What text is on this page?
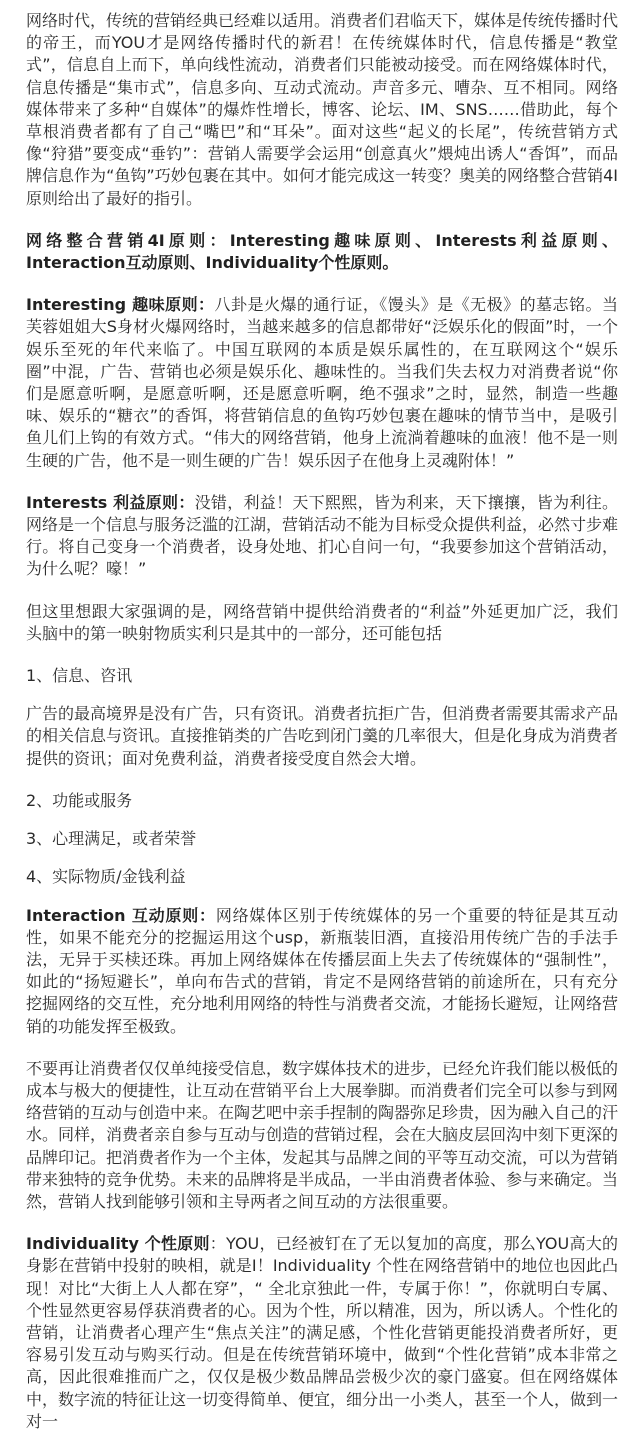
网络时代，传统的营销经典已经难以适用。消费者们君临天下，媒体是传统传播时代的帝王，而YOU才是网络传播时代的新君！在传统媒体时代，信息传播是“教堂式”，信息自上而下，单向线性流动，消费者们只能被动接受。而在网络媒体时代，信息传播是“集市式”，信息多向、互动式流动。声音多元、嘈杂、互不相同。网络媒体带来了多种“自媒体”的爆炸性增长，博客、论坛、IM、SNS……借助此，每个草根消费者都有了自己“嘴巴”和“耳朵”。面对这些“起义的长尾”，传统营销方式像“狩猎”要变成“垂钓”：营销人需要学会运用“创意真火”煨炖出诱人“香饵”，而品牌信息作为“鱼钩”巧妙包裹在其中。如何才能完成这一转变？奥美的网络整合营销4I原则给出了最好的指引。

网络整合营销4I原则：Interesting趣味原则、Interests利益原则、Interaction互动原则、Individuality个性原则。

Interesting 趣味原则：八卦是火爆的通行证，《馒头》是《无极》的墓志铭。当芙蓉姐姐大S身材火爆网络时，当越来越多的信息都带好“泛娱乐化的假面”时，一个娱乐至死的年代来临了。中国互联网的本质是娱乐属性的，在互联网这个“娱乐圈”中混，广告、营销也必须是娱乐化、趣味性的。当我们失去权力对消费者说“你们是愿意听啊，是愿意听啊，还是愿意听啊，绝不强求”之时，显然，制造一些趣味、娱乐的“糖衣”的香饵，将营销信息的鱼钩巧妙包裹在趣味的情节当中，是吸引鱼儿们上钩的有效方式。“伟大的网络营销，他身上流淌着趣味的血液！他不是一则生硬的广告，他不是一则生硬的广告！娱乐因子在他身上灵魂附体！”

Interests 利益原则：没错，利益！天下熙熙，皆为利来，天下攘攘，皆为利往。网络是一个信息与服务泛滥的江湖，营销活动不能为目标受众提供利益，必然寸步难行。将自己变身一个消费者，设身处地、扪心自问一句，“我要参加这个营销活动，为什么呢？嚎！”

但这里想跟大家强调的是，网络营销中提供给消费者的“利益”外延更加广泛，我们头脑中的第一映射物质实利只是其中的一部分，还可能包括

1、信息、咨讯

广告的最高境界是没有广告，只有资讯。消费者抗拒广告，但消费者需要其需求产品的相关信息与资讯。直接推销类的广告吃到闭门羹的几率很大，但是化身成为消费者提供的资讯；面对免费利益，消费者接受度自然会大增。

2、功能或服务

3、心理满足，或者荣誉

4、实际物质/金钱利益

Interaction 互动原则：网络媒体区别于传统媒体的另一个重要的特征是其互动性，如果不能充分的挖掘运用这个usp，新瓶装旧酒，直接沿用传统广告的手法手法，无异于买椟还珠。再加上网络媒体在传播层面上失去了传统媒体的“强制性”，如此的“扬短避长”，单向布告式的营销，肯定不是网络营销的前途所在，只有充分挖掘网络的交互性，充分地利用网络的特性与消费者交流，才能扬长避短，让网络营销的功能发挥至极致。

不要再让消费者仅仅单纯接受信息，数字媒体技术的进步，已经允许我们能以极低的成本与极大的便捷性，让互动在营销平台上大展拳脚。而消费者们完全可以参与到网络营销的互动与创造中来。在陶艺吧中亲手捏制的陶器弥足珍贵，因为融入自己的汗水。同样，消费者亲自参与互动与创造的营销过程，会在大脑皮层回沟中刻下更深的品牌印记。把消费者作为一个主体，发起其与品牌之间的平等互动交流，可以为营销带来独特的竞争优势。未来的品牌将是半成品，一半由消费者体验、参与来确定。当然，营销人找到能够引领和主导两者之间互动的方法很重要。

Individuality 个性原则：YOU，已经被钉在了无以复加的高度，那么YOU高大的身影在营销中投射的映相，就是I！Individuality 个性在网络营销中的地位也因此凸现！对比“大街上人人都在穿”，“ 全北京独此一件，专属于你！”，你就明白专属、个性显然更容易俘获消费者的心。因为个性，所以精准，因为，所以诱人。个性化的营销，让消费者心理产生“焦点关注”的满足感，个性化营销更能投消费者所好，更容易引发互动与购买行动。但是在传统营销环境中，做到“个性化营销”成本非常之高，因此很难推而广之，仅仅是极少数品牌品尝极少次的豪门盛宴。但在网络媒体中，数字流的特征让这一切变得简单、便宜，细分出一小类人，甚至一个人，做到一对一
